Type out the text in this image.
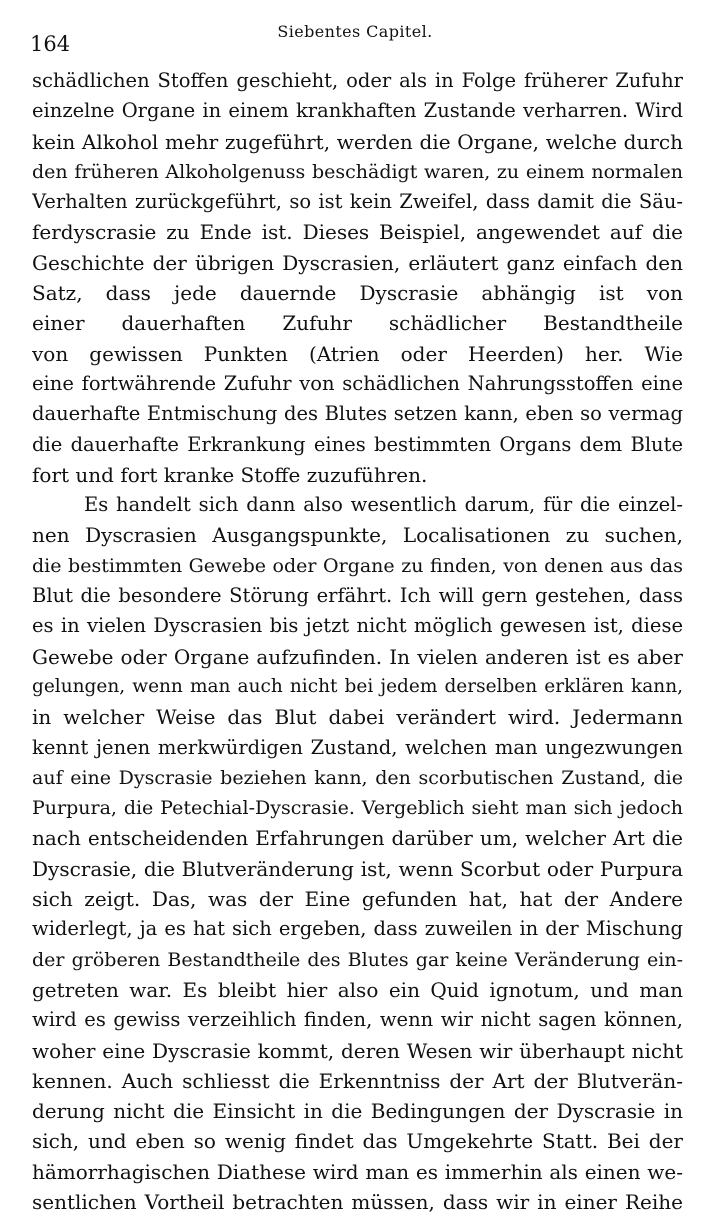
164
Siebentes Capitel.
schädlichen Stoffen geschieht, oder als in Folge früherer Zufuhr
einzelne Organe in einem krankhaften Zustande verharren. Wird
kein Alkohol mehr zugeführt, werden die Organe, welche durch
den früheren Alkoholgenuss beschädigt waren, zu einem normalen
Verhalten zurückgeführt, so ist kein Zweifel, dass damit die Säu-
ferdyscrasie zu Ende ist. Dieses Beispiel, angewendet auf die
Geschichte der übrigen Dyscrasien, erläutert ganz einfach den
Satz, dass jede dauernde Dyscrasie abhängig ist von
einer dauerhaften Zufuhr schädlicher Bestandtheile
von gewissen Punkten (Atrien oder Heerden) her. Wie
eine fortwährende Zufuhr von schädlichen Nahrungsstoffen eine
dauerhafte Entmischung des Blutes setzen kann, eben so vermag
die dauerhafte Erkrankung eines bestimmten Organs dem Blute
fort und fort kranke Stoffe zuzuführen.
Es handelt sich dann also wesentlich darum, für die einzel-
nen Dyscrasien Ausgangspunkte, Localisationen zu suchen,
die bestimmten Gewebe oder Organe zu finden, von denen aus das
Blut die besondere Störung erfährt. Ich will gern gestehen, dass
es in vielen Dyscrasien bis jetzt nicht möglich gewesen ist, diese
Gewebe oder Organe aufzufinden. In vielen anderen ist es aber
gelungen, wenn man auch nicht bei jedem derselben erklären kann,
in welcher Weise das Blut dabei verändert wird. Jedermann
kennt jenen merkwürdigen Zustand, welchen man ungezwungen
auf eine Dyscrasie beziehen kann, den scorbutischen Zustand, die
Purpura, die Petechial-Dyscrasie. Vergeblich sieht man sich jedoch
nach entscheidenden Erfahrungen darüber um, welcher Art die
Dyscrasie, die Blutveränderung ist, wenn Scorbut oder Purpura
sich zeigt. Das, was der Eine gefunden hat, hat der Andere
widerlegt, ja es hat sich ergeben, dass zuweilen in der Mischung
der gröberen Bestandtheile des Blutes gar keine Veränderung ein-
getreten war. Es bleibt hier also ein Quid ignotum, und man
wird es gewiss verzeihlich finden, wenn wir nicht sagen können,
woher eine Dyscrasie kommt, deren Wesen wir überhaupt nicht
kennen. Auch schliesst die Erkenntniss der Art der Blutverän-
derung nicht die Einsicht in die Bedingungen der Dyscrasie in
sich, und eben so wenig findet das Umgekehrte Statt. Bei der
hämorrhagischen Diathese wird man es immerhin als einen we-
sentlichen Vortheil betrachten müssen, dass wir in einer Reihe
